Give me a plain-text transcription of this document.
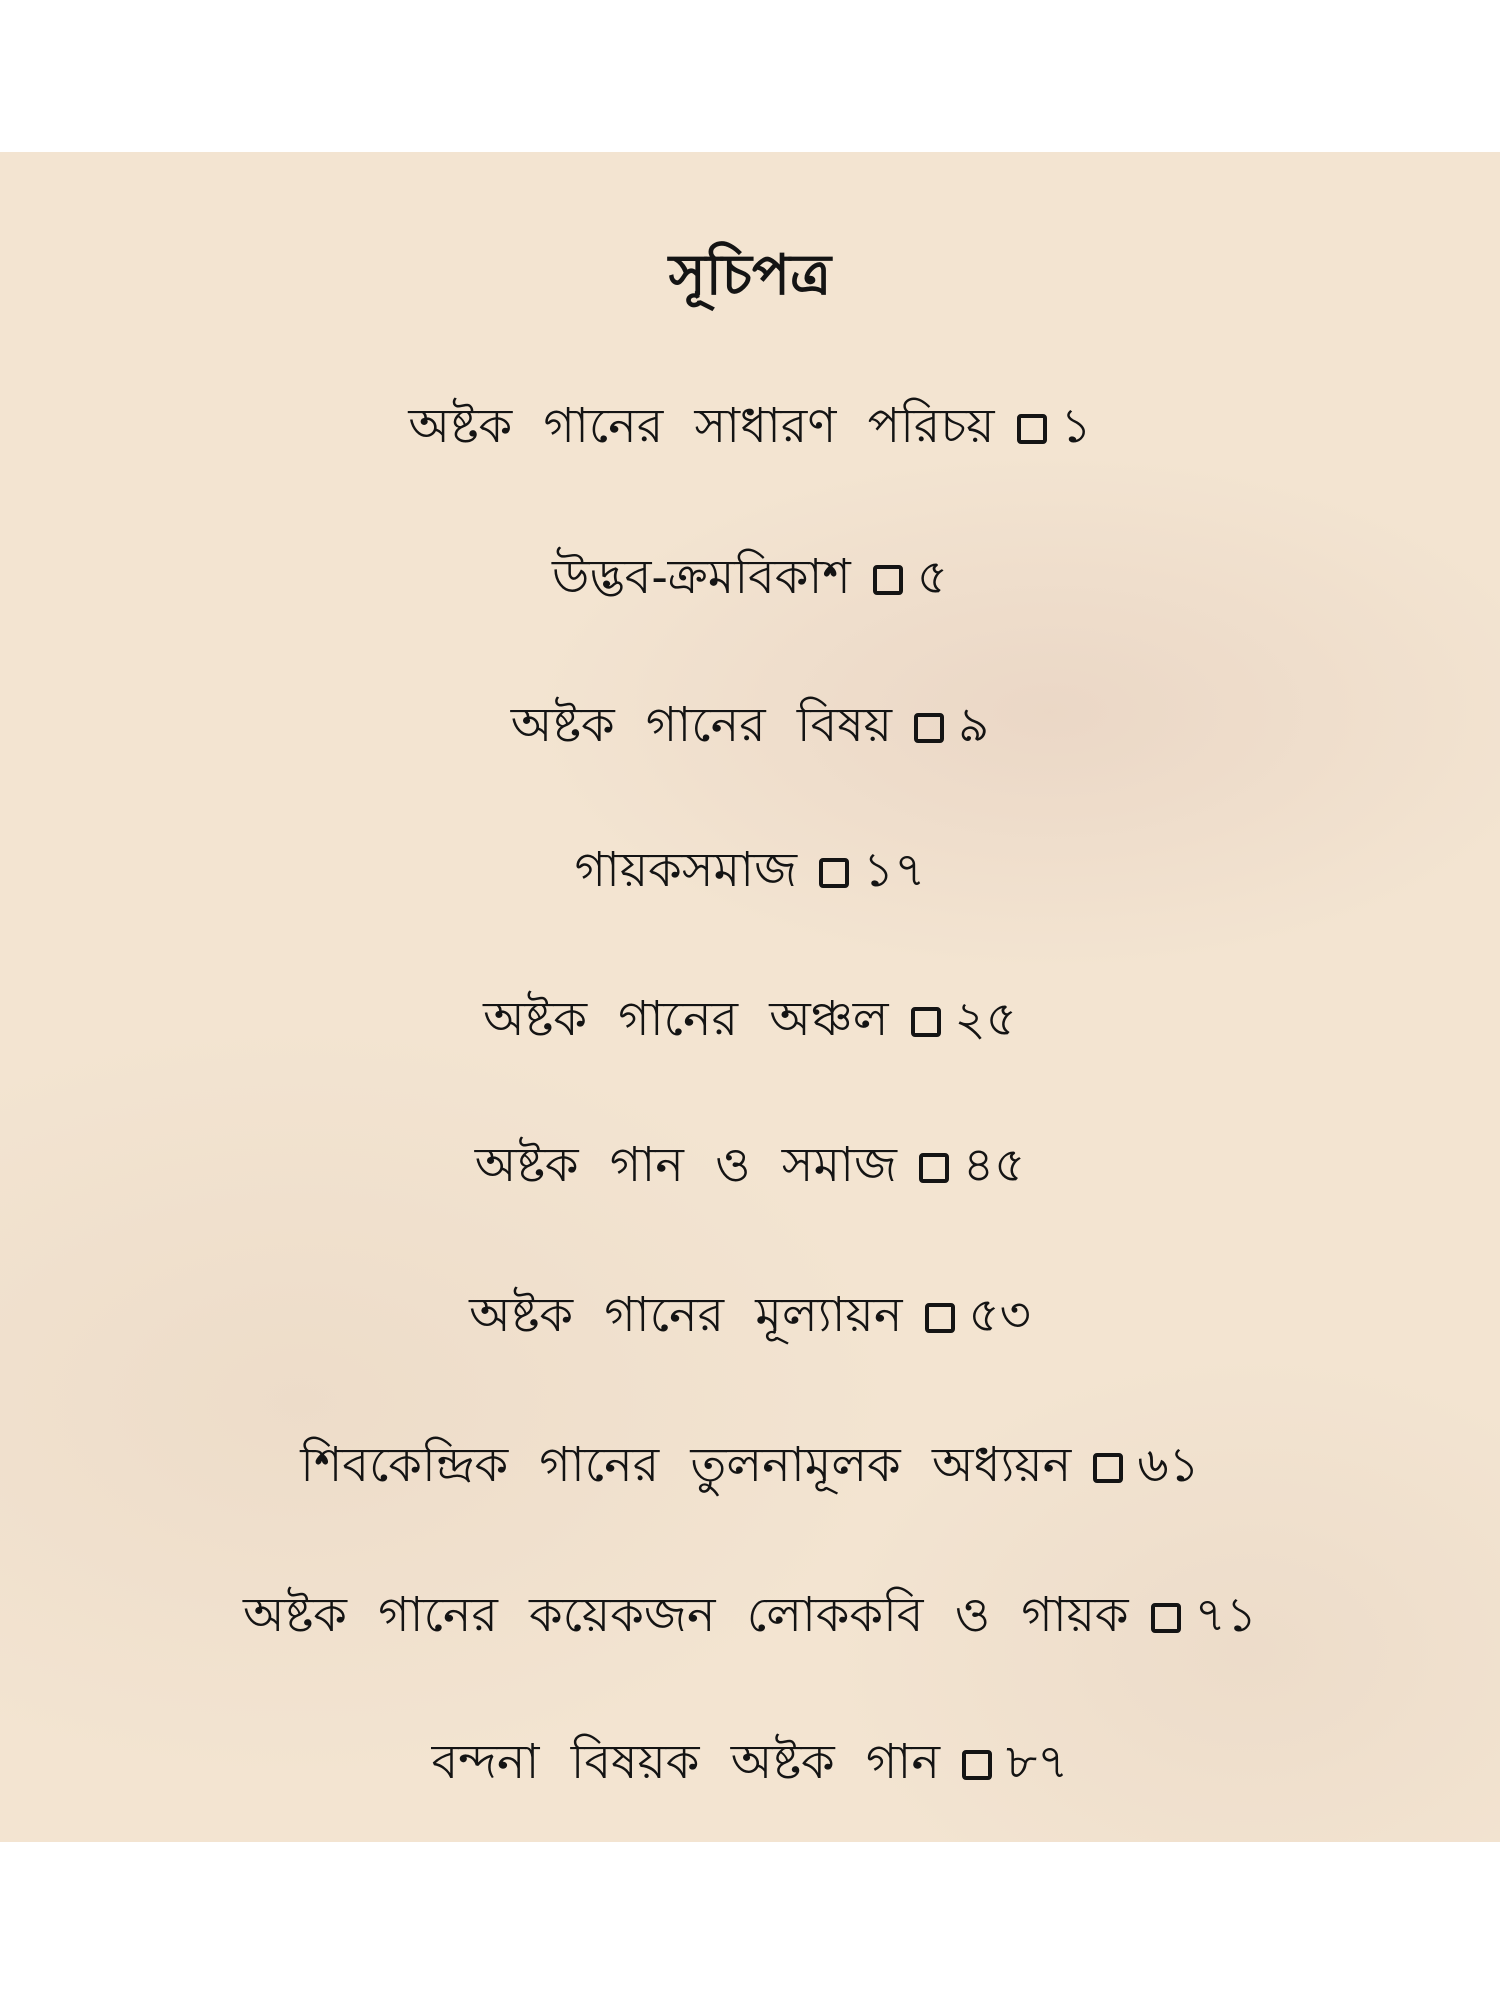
সূচিপত্র
অষ্টক গানের সাধারণ পরিচয় ১
উদ্ভব-ক্রমবিকাশ ৫
অষ্টক গানের বিষয় ৯
গায়কসমাজ ১৭
অষ্টক গানের অঞ্চল ২৫
অষ্টক গান ও সমাজ ৪৫
অষ্টক গানের মূল্যায়ন ৫৩
শিবকেন্দ্রিক গানের তুলনামূলক অধ্যয়ন ৬১
অষ্টক গানের কয়েকজন লোককবি ও গায়ক ৭১
বন্দনা বিষয়ক অষ্টক গান ৮৭
